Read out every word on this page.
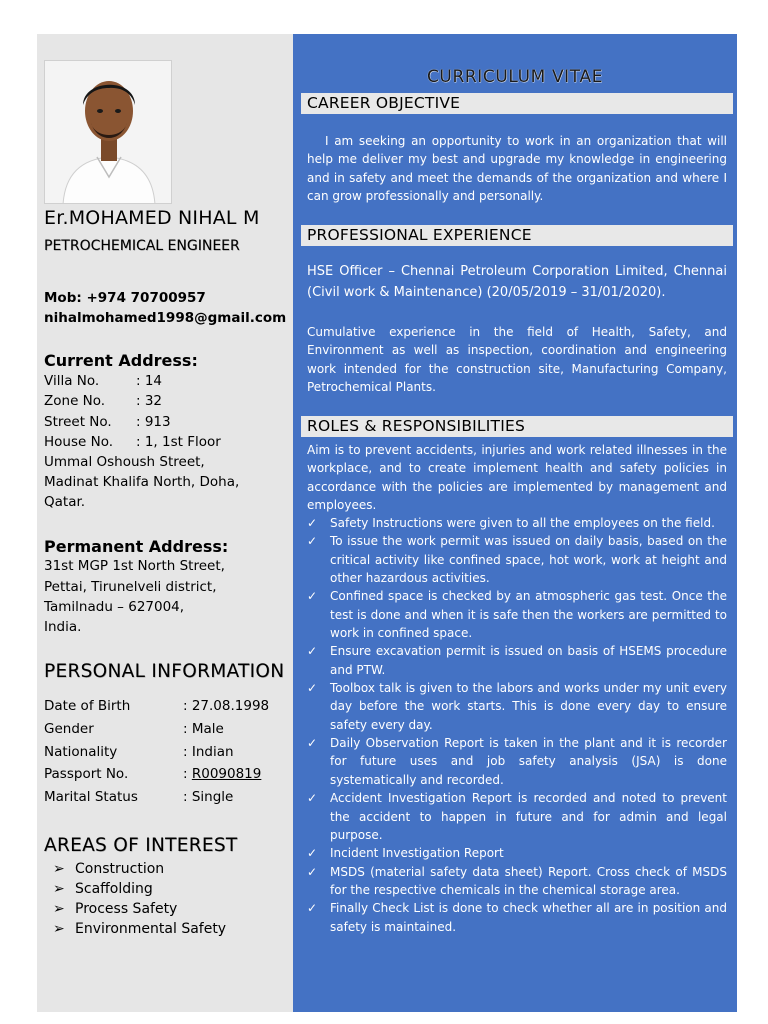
Er.MOHAMED NIHAL M
PETROCHEMICAL ENGINEER
Mob: +974 70700957
nihalmohamed1998@gmail.com
Current Address:
Villa No.	: 14
Zone No. : 32
Street No. : 913
House No. : 1, 1st Floor
Ummal Oshoush Street,
Madinat Khalifa North, Doha,
Qatar.
Permanent Address:
31st MGP 1st North Street,
Pettai, Tirunelveli district,
Tamilnadu – 627004,
India.
PERSONAL INFORMATION
Date of Birth	: 27.08.1998
Gender	: Male
Nationality	: Indian
Passport No.	: R0090819
Marital Status	: Single
AREAS OF INTEREST
➢ Construction
➢ Scaffolding
➢ Process Safety
➢ Environmental Safety
CURRICULUM VITAE
CAREER OBJECTIVE
I am seeking an opportunity to work in an organization that will help me deliver my best and upgrade my knowledge in engineering and in safety and meet the demands of the organization and where I can grow professionally and personally.
PROFESSIONAL EXPERIENCE
HSE Officer – Chennai Petroleum Corporation Limited, Chennai (Civil work & Maintenance) (20/05/2019 – 31/01/2020).
Cumulative experience in the field of Health, Safety, and Environment as well as inspection, coordination and engineering work intended for the construction site, Manufacturing Company, Petrochemical Plants.
ROLES & RESPONSIBILITIES
Aim is to prevent accidents, injuries and work related illnesses in the workplace, and to create implement health and safety policies in accordance with the policies are implemented by management and employees.
✓ Safety Instructions were given to all the employees on the field.
✓ To issue the work permit was issued on daily basis, based on the critical activity like confined space, hot work, work at height and other hazardous activities.
✓ Confined space is checked by an atmospheric gas test. Once the test is done and when it is safe then the workers are permitted to work in confined space.
✓ Ensure excavation permit is issued on basis of HSEMS procedure and PTW.
✓ Toolbox talk is given to the labors and works under my unit every day before the work starts. This is done every day to ensure safety every day.
✓ Daily Observation Report is taken in the plant and it is recorder for future uses and job safety analysis (JSA) is done systematically and recorded.
✓ Accident Investigation Report is recorded and noted to prevent the accident to happen in future and for admin and legal purpose.
✓ Incident Investigation Report
✓ MSDS (material safety data sheet) Report. Cross check of MSDS for the respective chemicals in the chemical storage area.
✓ Finally Check List is done to check whether all are in position and safety is maintained.
